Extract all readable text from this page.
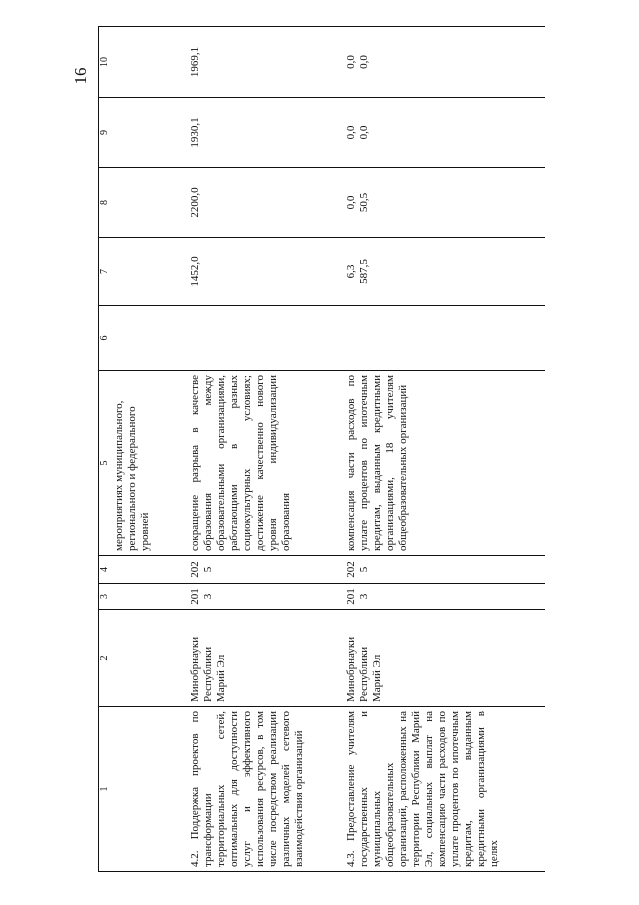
16
1	2	3	4	5	6	7	8	9	10
				мероприятиях муниципального, регионального и федерального уровней					
4.2. Поддержка проектов по трансформации территориальных сетей, оптимальных для доступности услуг и эффективного использования ресурсов, в том числе посредством реализации различных моделей сетевого взаимодействия организаций	Минобрнауки Республики Марий Эл	2013	2025	сокращение разрыва в качестве образования между образовательными организациями, работающими в разных социокультурных условиях; достижение качественно нового уровня индивидуализации образования		1452,0	2200,0	1930,1	1969,1

4.3. Предоставление учителям государственных и муниципальных общеобразовательных организаций, расположенных на территории Республики Марий Эл, социальных выплат на компенсацию части расходов по уплате процентов по ипотечным кредитам, выданным кредитными организациями в целях	Минобрнауки Республики Марий Эл	2013	2025	компенсация части расходов по уплате процентов по ипотечным кредитам, выданным кредитными организациями, 18 учителям общеобразовательных организаций		6,3 587,5	0,0 50,5	0,0 0,0	0,0 0,0
